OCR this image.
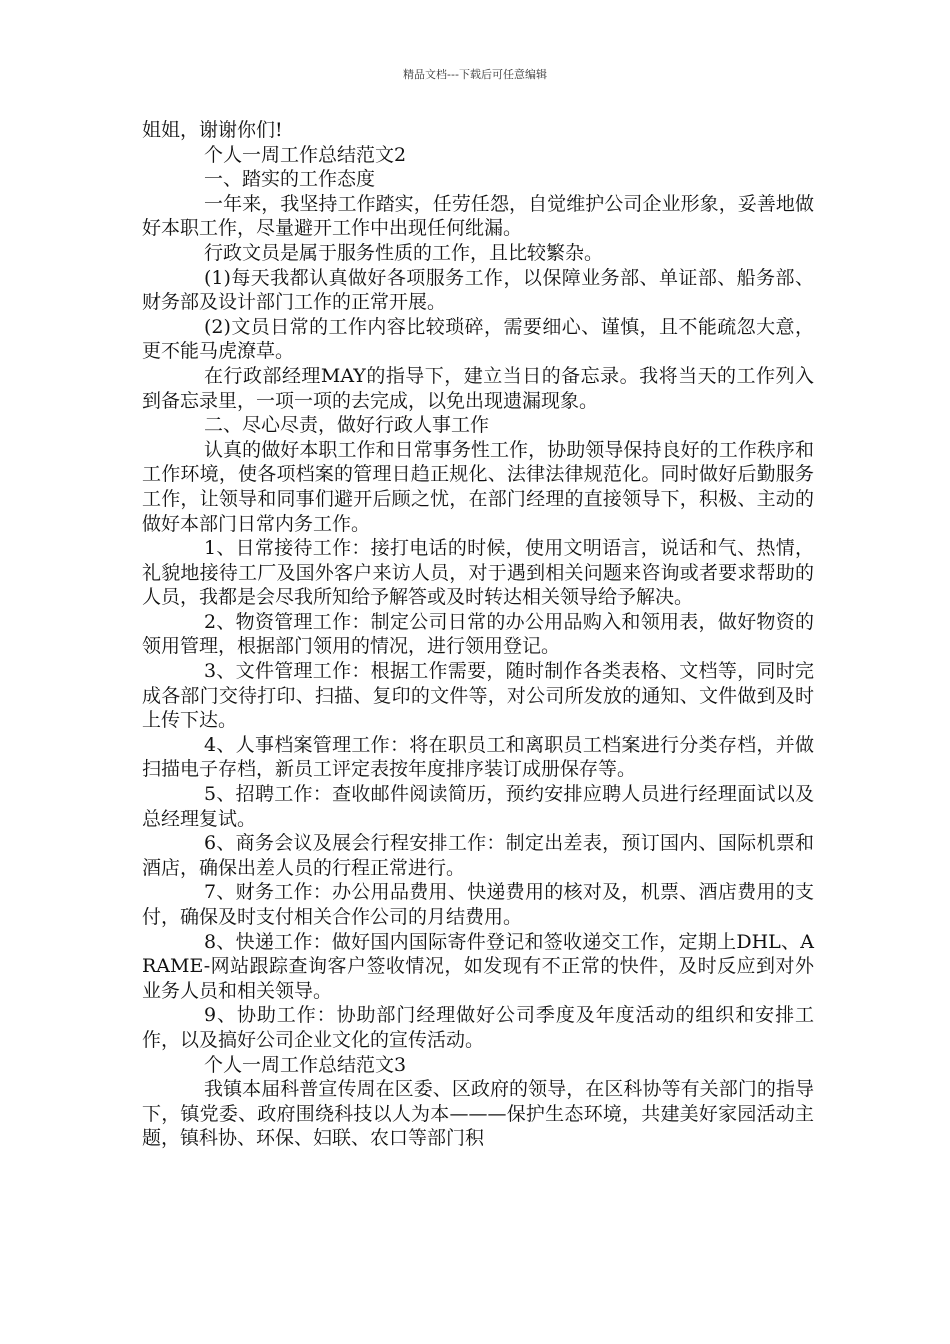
精品文档---下载后可任意编辑

姐姐，谢谢你们!

个人一周工作总结范文2

一、踏实的工作态度

一年来，我坚持工作踏实，任劳任怨，自觉维护公司企业形象，妥善地做好本职工作，尽量避开工作中出现任何纰漏。

行政文员是属于服务性质的工作，且比较繁杂。

(1)每天我都认真做好各项服务工作，以保障业务部、单证部、船务部、财务部及设计部门工作的正常开展。

(2)文员日常的工作内容比较琐碎，需要细心、谨慎，且不能疏忽大意，更不能马虎潦草。

在行政部经理MAY的指导下，建立当日的备忘录。我将当天的工作列入到备忘录里，一项一项的去完成，以免出现遗漏现象。

二、尽心尽责，做好行政人事工作

认真的做好本职工作和日常事务性工作，协助领导保持良好的工作秩序和工作环境，使各项档案的管理日趋正规化、法律法律规范化。同时做好后勤服务工作，让领导和同事们避开后顾之忧，在部门经理的直接领导下，积极、主动的做好本部门日常内务工作。

1、日常接待工作：接打电话的时候，使用文明语言，说话和气、热情，礼貌地接待工厂及国外客户来访人员，对于遇到相关问题来咨询或者要求帮助的人员，我都是会尽我所知给予解答或及时转达相关领导给予解决。

2、物资管理工作：制定公司日常的办公用品购入和领用表，做好物资的领用管理，根据部门领用的情况，进行领用登记。

3、文件管理工作：根据工作需要，随时制作各类表格、文档等，同时完成各部门交待打印、扫描、复印的文件等，对公司所发放的通知、文件做到及时上传下达。

4、人事档案管理工作：将在职员工和离职员工档案进行分类存档，并做扫描电子存档，新员工评定表按年度排序装订成册保存等。

5、招聘工作：查收邮件阅读简历，预约安排应聘人员进行经理面试以及总经理复试。

6、商务会议及展会行程安排工作：制定出差表，预订国内、国际机票和酒店，确保出差人员的行程正常进行。

7、财务工作：办公用品费用、快递费用的核对及，机票、酒店费用的支付，确保及时支付相关合作公司的月结费用。

8、快递工作：做好国内国际寄件登记和签收递交工作，定期上DHL、ARAME-网站跟踪查询客户签收情况，如发现有不正常的快件，及时反应到对外业务人员和相关领导。

9、协助工作：协助部门经理做好公司季度及年度活动的组织和安排工作，以及搞好公司企业文化的宣传活动。

个人一周工作总结范文3

我镇本届科普宣传周在区委、区政府的领导，在区科协等有关部门的指导下，镇党委、政府围绕科技以人为本———保护生态环境，共建美好家园活动主题，镇科协、环保、妇联、农口等部门积
